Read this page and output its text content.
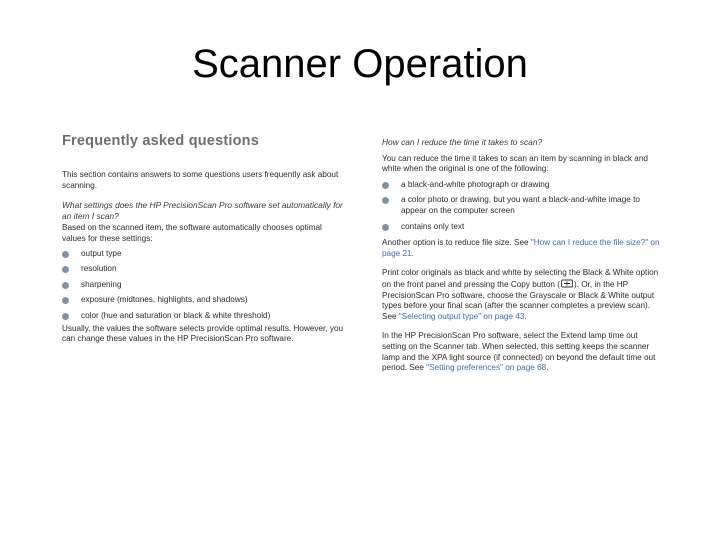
Scanner Operation
Frequently asked questions
This section contains answers to some questions users frequently ask about scanning.
What settings does the HP PrecisionScan Pro software set automatically for an item I scan?
Based on the scanned item, the software automatically chooses optimal values for these settings:
output type
resolution
sharpening
exposure (midtones, highlights, and shadows)
color (hue and saturation or black & white threshold)
Usually, the values the software selects provide optimal results. However, you can change these values in the HP PrecisionScan Pro software.
How can I reduce the time it takes to scan?
You can reduce the time it takes to scan an item by scanning in black and white when the original is one of the following:
a black-and-white photograph or drawing
a color photo or drawing, but you want a black-and-white image to appear on the computer screen
contains only text
Another option is to reduce file size. See "How can I reduce the file size?" on page 21.
Print color originals as black and white by selecting the Black & White option on the front panel and pressing the Copy button ( ). Or, in the HP PrecisionScan Pro software, choose the Grayscale or Black & White output types before your final scan (after the scanner completes a preview scan). See "Selecting output type" on page 43.
In the HP PrecisionScan Pro software, select the Extend lamp time out setting on the Scanner tab. When selected, this setting keeps the scanner lamp and the XPA light source (if connected) on beyond the default time out period. See "Setting preferences" on page 68.
